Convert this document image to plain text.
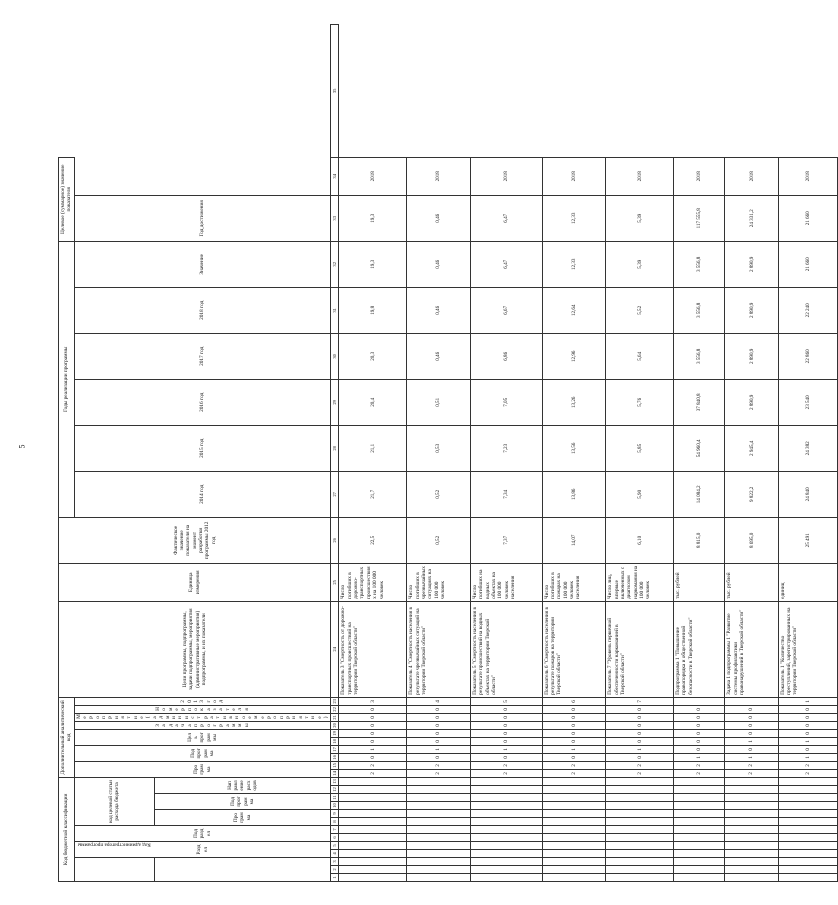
5
Код бюджетной классификации													Дополнительный аналитический код										Цели программы, подпрограммы, задачи подпрограммы, мероприятия (административные мероприятия) подпрограммы, и их показатели	Единица измерения	Фактическое значение показателя на момент разработки программы 2012 год	Годы реализации программы						Целевое (суммарное) значение показателя		
Код администратора программы			Раздел		Подраздел		код целевой статьи расхода бюджета						Программа		Подпрограмма		Цель программы		Задача программы	Мероприятие (административное мероприятие)	Номер показателя	2013 год				2014 год	2015 год	2016 год	2017 год	2018 год	Значение	Год достижения		
							Программа		Подпрограмма		Направление расходов																							
1	2	3	4	5	6	7	8	9	10	11	12	13	14	15	16	17	18	19	20	21	22	23	24	25	26	27	28	29	30	31	32	33	34	35
													2	2	0	1	0	0	0	0	0	3	Показатель 3 "Смертность от дорожно-транспортных происшествий на территории Тверской области"	Число погибших в дорожно-транспортных происшествиях на 100 000 человек	22,5	21,7	21,1	20,4	20,3	19,8	19,3	19,3	2018	
													2	2	0	1	0	0	0	0	0	4	Показатель 4 "Смертность населения в результате чрезвычайных ситуаций на территории Тверской области"	Число погибших в чрезвычайных ситуациях на 100 000 человек	0,52	0,52	0,53	0,51	0,46	0,46	0,46	0,46	2018	
													2	2	0	1	0	0	0	0	0	5	Показатель 5 "Смертность населения в результате происшествий на водных объектах на территории Тверской области"	Число погибших на водных объектах на 100 000 человек населения	7,37	7,34	7,23	7,05	6,86	6,67	6,47	6,47	2018	
													2	2	0	1	0	0	0	0	0	6	Показатель 6 "Смертность населения в результате пожаров на территории Тверской области"	Число погибших в пожарах на 100 000 человек населения	14,07	13,86	13,56	13,26	12,96	12,64	12,33	12,33	2018	
													2	2	0	1	0	0	0	0	0	7	Показатель 7 "Уровень первичной обеспеченности наркоманией в Тверской области"	Число лиц, впервые включенных с диагнозом наркомания на 100 000 человек	6,10	5,90	5,85	5,76	5,64	5,52	5,39	5,39	2018	
													2	2	1	0	0	0	0	0	0		Подпрограмма 1 "Повышение правопорядка и общественной безопасности в Тверской области"	тыс. рублей	8 815,0	14 084,2	54 960,4	37 840,8	3 556,8	3 556,8	3 556,8	117 555,8	2018	
													2	2	1	0	1	0	0	0	0		Задача 1 подпрограммы 1 "Развитие системы профилактики правонарушений в Тверской области"	тыс. рублей	8 695,0	9 822,2	2 945,4	2 890,9	2 890,9	2 890,9	2 890,9	24 331,2	2018	
													2	2	1	0	1	0	0	0	0	1	Показатель 1 "Количество преступлений, зарегистрированных на территории Тверской области"	единиц	25 491	24 840	24 382	23 540	22 860	22 240	21 660	21 660	2018	
